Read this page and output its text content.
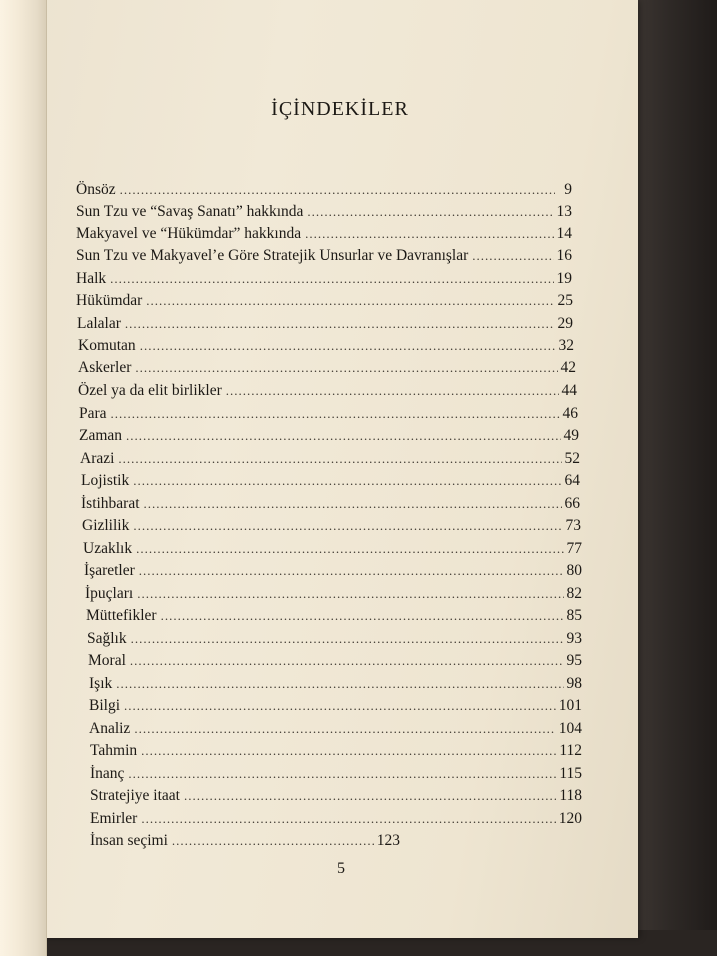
İÇİNDEKİLER
Önsöz .....	9
Sun Tzu ve “Savaş Sanatı” hakkında .....	13
Makyavel ve “Hükümdar” hakkında .....	14
Sun Tzu ve Makyavel’e Göre Stratejik Unsurlar ve Davranışlar .....	16
Halk .....	19
Hükümdar .....	25
Lalalar .....	29
Komutan .....	32
Askerler .....	42
Özel ya da elit birlikler .....	44
Para .....	46
Zaman .....	49
Arazi .....	52
Lojistik .....	64
İstihbarat .....	66
Gizlilik .....	73
Uzaklık .....	77
İşaretler .....	80
İpuçları .....	82
Müttefikler .....	85
Sağlık .....	93
Moral .....	95
Işık .....	98
Bilgi .....	101
Analiz .....	104
Tahmin .....	112
İnanç .....	115
Stratejiye itaat .....	118
Emirler .....	120
İnsan seçimi .....	123
5
